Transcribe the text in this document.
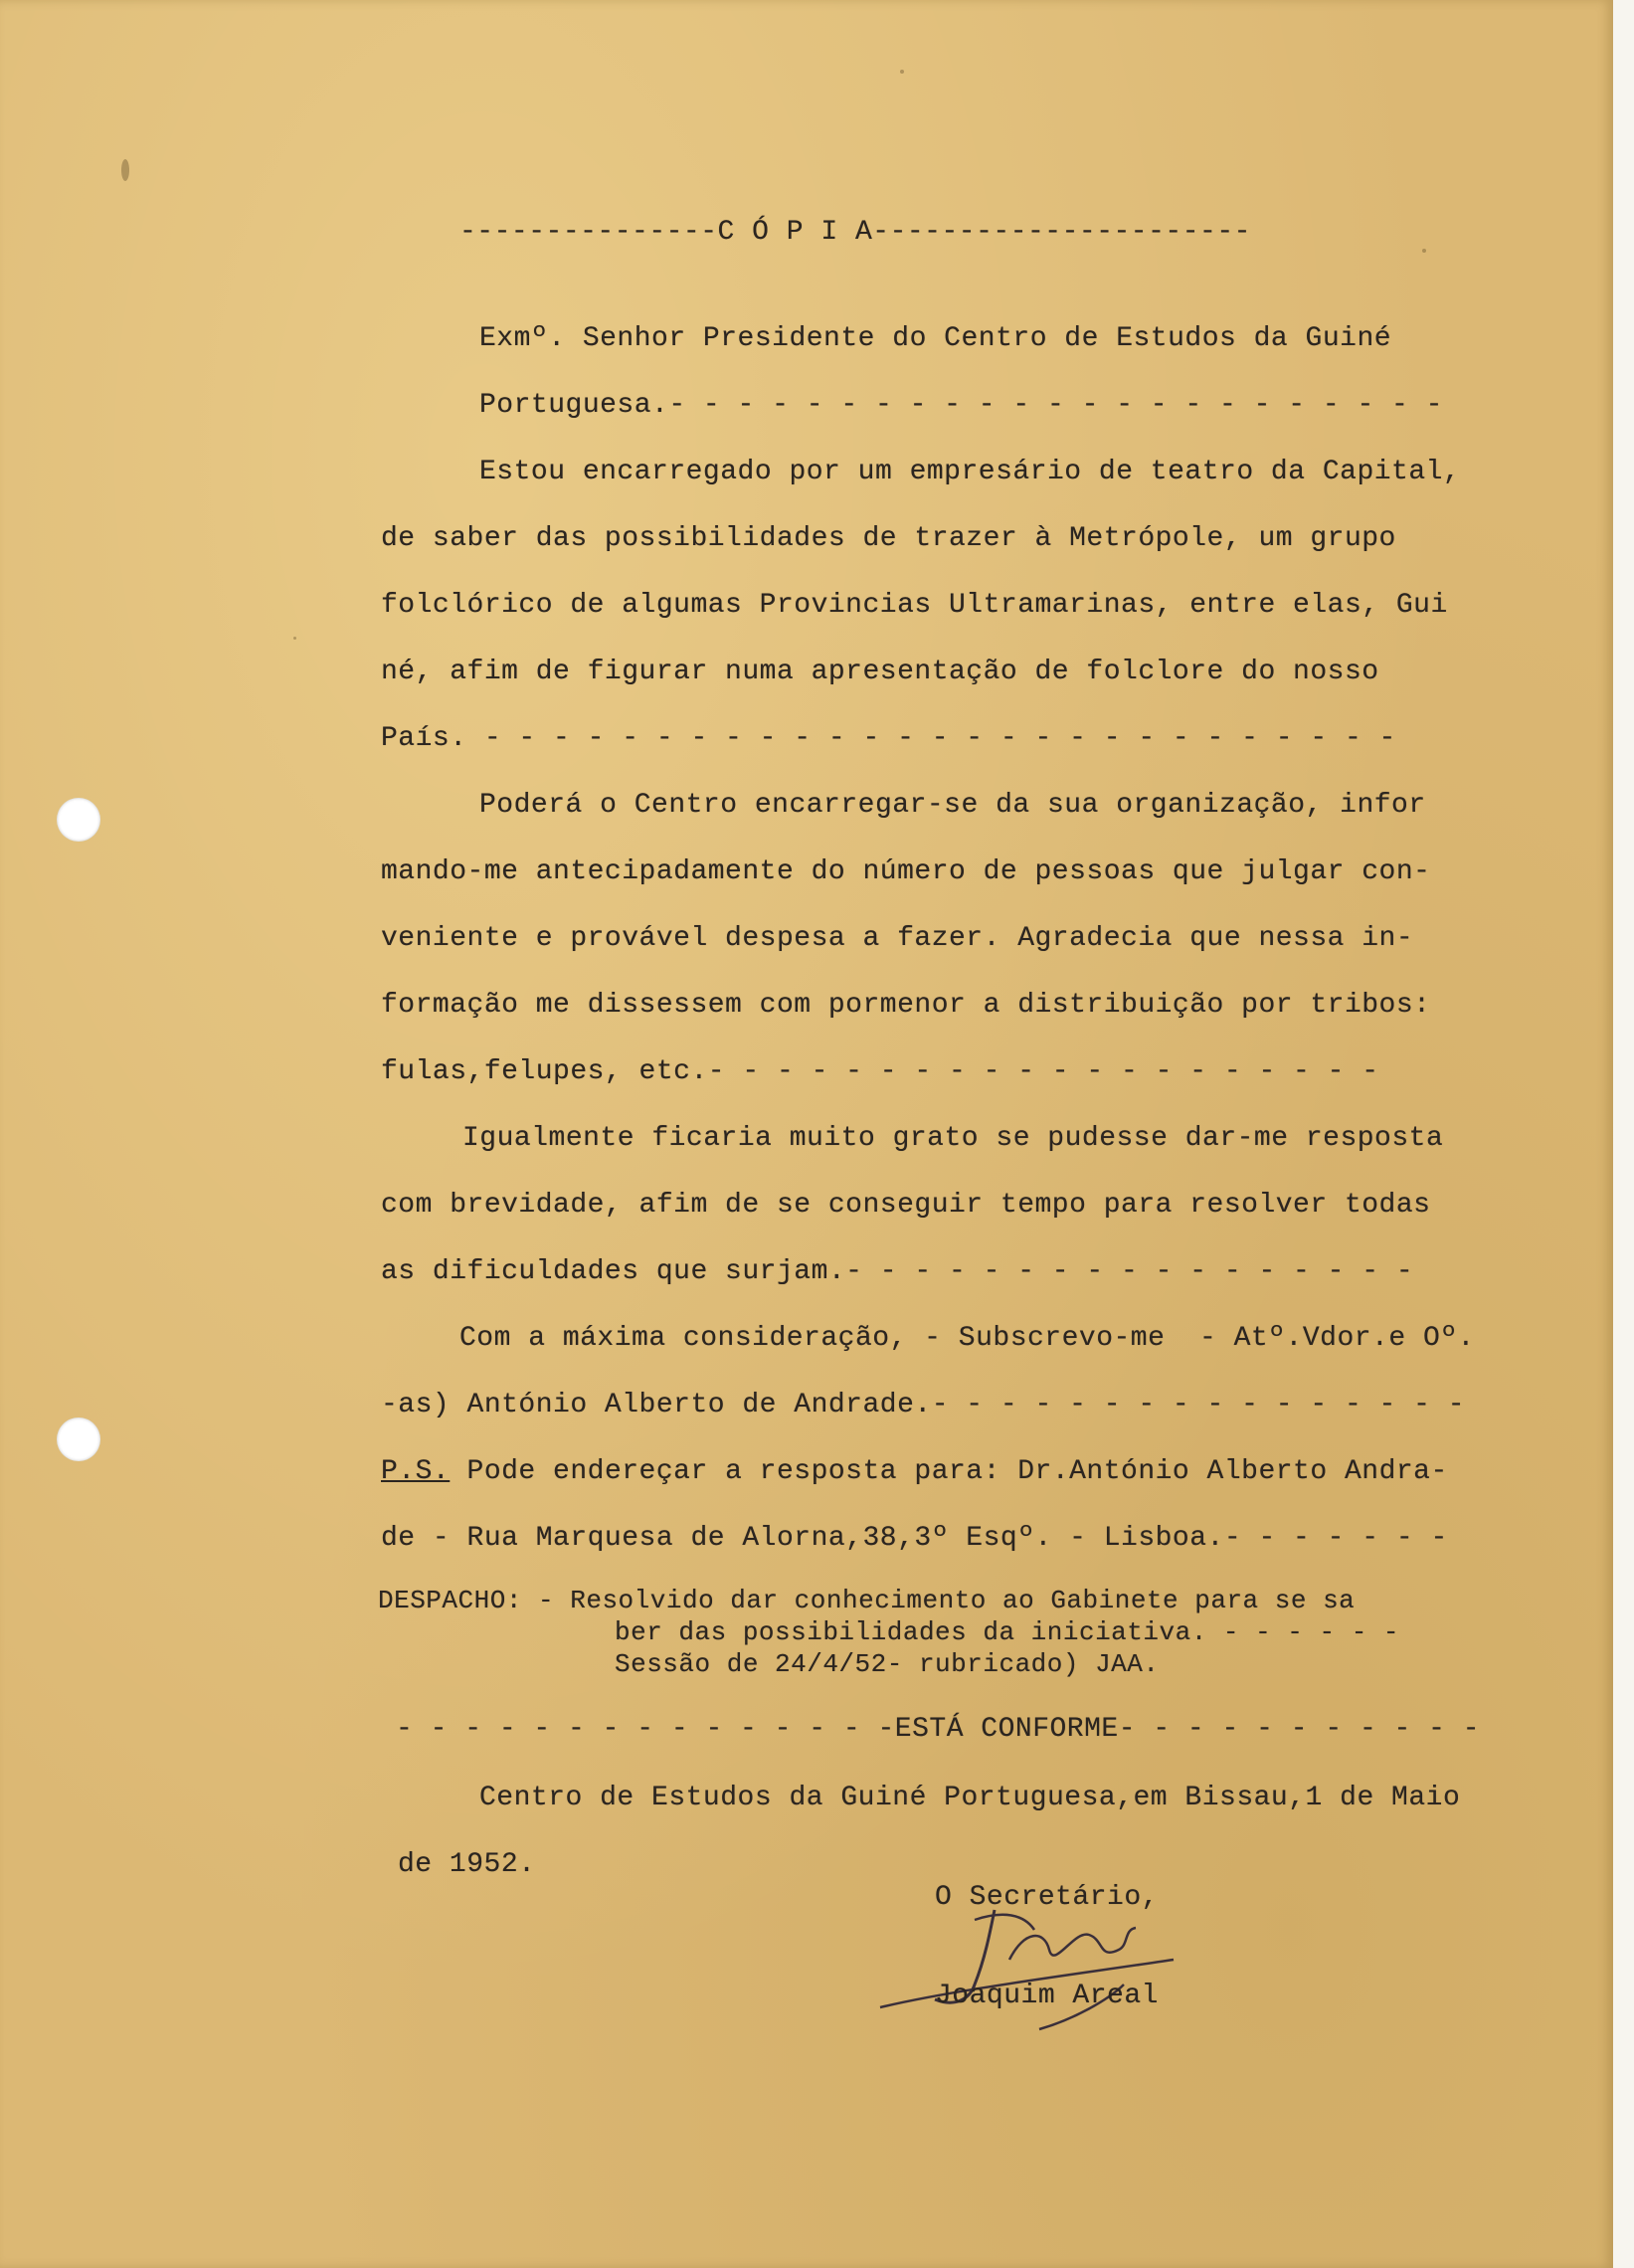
---------------C Ó P I A----------------------
Exmº. Senhor Presidente do Centro de Estudos da Guiné
Portuguesa.- - - - - - - - - - - - - - - - - - - - - - -
Estou encarregado por um empresário de teatro da Capital,
de saber das possibilidades de trazer à Metrópole, um grupo
folclórico de algumas Provincias Ultramarinas, entre elas, Gui
né, afim de figurar numa apresentação de folclore do nosso
País. - - - - - - - - - - - - - - - - - - - - - - - - - - -
Poderá o Centro encarregar-se da sua organização, infor
mando-me antecipadamente do número de pessoas que julgar con-
veniente e provável despesa a fazer. Agradecia que nessa in-
formação me dissessem com pormenor a distribuição por tribos:
fulas,felupes, etc.- - - - - - - - - - - - - - - - - - - -
Igualmente ficaria muito grato se pudesse dar-me resposta
com brevidade, afim de se conseguir tempo para resolver todas
as dificuldades que surjam.- - - - - - - - - - - - - - - - -
Com a máxima consideração, - Subscrevo-me  - Atº.Vdor.e Oº.
-as) António Alberto de Andrade.- - - - - - - - - - - - - - - -
P.S. Pode endereçar a resposta para: Dr.António Alberto Andra-
de - Rua Marquesa de Alorna,38,3º Esqº. - Lisboa.- - - - - - -
DESPACHO: - Resolvido dar conhecimento ao Gabinete para se sa
ber das possibilidades da iniciativa. - - - - - -
Sessão de 24/4/52- rubricado) JAA.
- - - - - - - - - - - - - - -ESTÁ CONFORME- - - - - - - - - - -
Centro de Estudos da Guiné Portuguesa,em Bissau,1 de Maio
de 1952.
O Secretário,
Joaquim Areal
